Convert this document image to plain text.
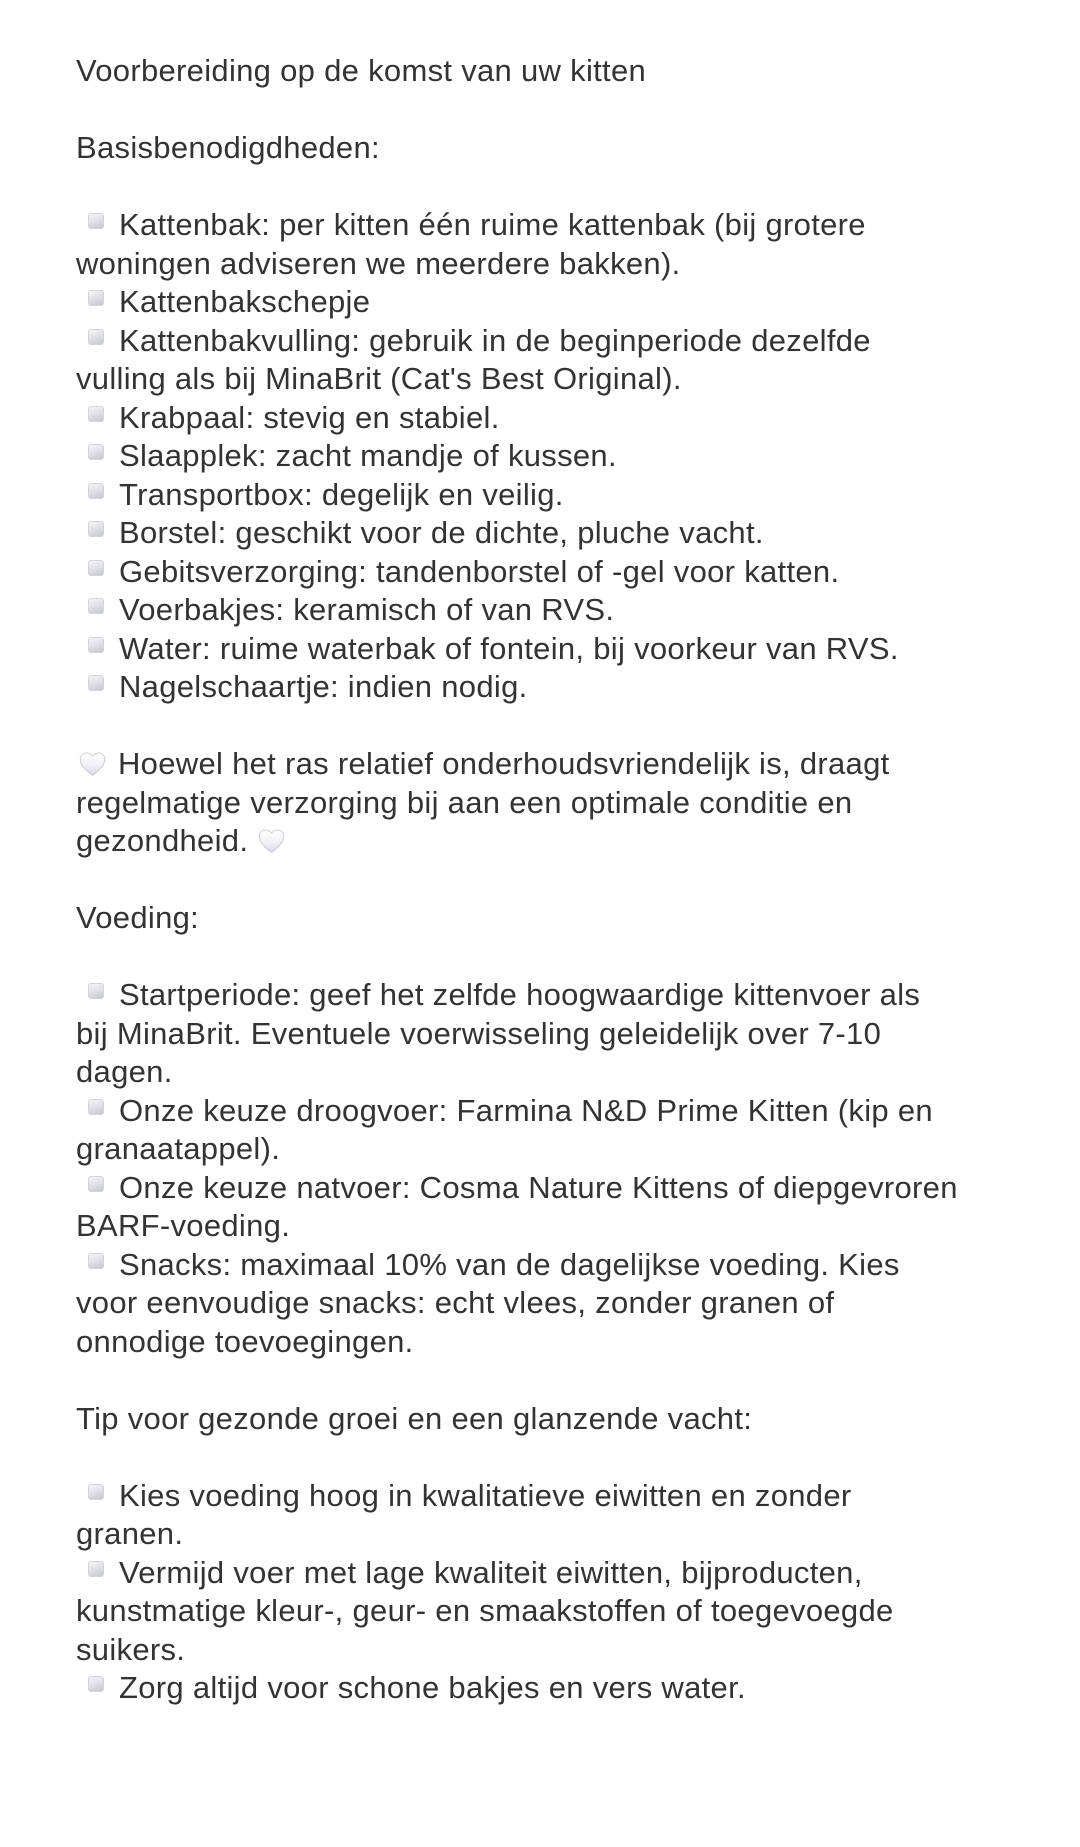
Voorbereiding op de komst van uw kitten

Basisbenodigdheden:

Kattenbak: per kitten één ruime kattenbak (bij grotere woningen adviseren we meerdere bakken).
Kattenbakschepje
Kattenbakvulling: gebruik in de beginperiode dezelfde vulling als bij MinaBrit (Cat's Best Original).
Krabpaal: stevig en stabiel.
Slaapplek: zacht mandje of kussen.
Transportbox: degelijk en veilig.
Borstel: geschikt voor de dichte, pluche vacht.
Gebitsverzorging: tandenborstel of -gel voor katten.
Voerbakjes: keramisch of van RVS.
Water: ruime waterbak of fontein, bij voorkeur van RVS.
Nagelschaartje: indien nodig.

Hoewel het ras relatief onderhoudsvriendelijk is, draagt regelmatige verzorging bij aan een optimale conditie en gezondheid.

Voeding:

Startperiode: geef het zelfde hoogwaardige kittenvoer als bij MinaBrit. Eventuele voerwisseling geleidelijk over 7-10 dagen.
Onze keuze droogvoer: Farmina N&D Prime Kitten (kip en granaatappel).
Onze keuze natvoer: Cosma Nature Kittens of diepgevroren BARF-voeding.
Snacks: maximaal 10% van de dagelijkse voeding. Kies voor eenvoudige snacks: echt vlees, zonder granen of onnodige toevoegingen.

Tip voor gezonde groei en een glanzende vacht:

Kies voeding hoog in kwalitatieve eiwitten en zonder granen.
Vermijd voer met lage kwaliteit eiwitten, bijproducten, kunstmatige kleur-, geur- en smaakstoffen of toegevoegde suikers.
Zorg altijd voor schone bakjes en vers water.
